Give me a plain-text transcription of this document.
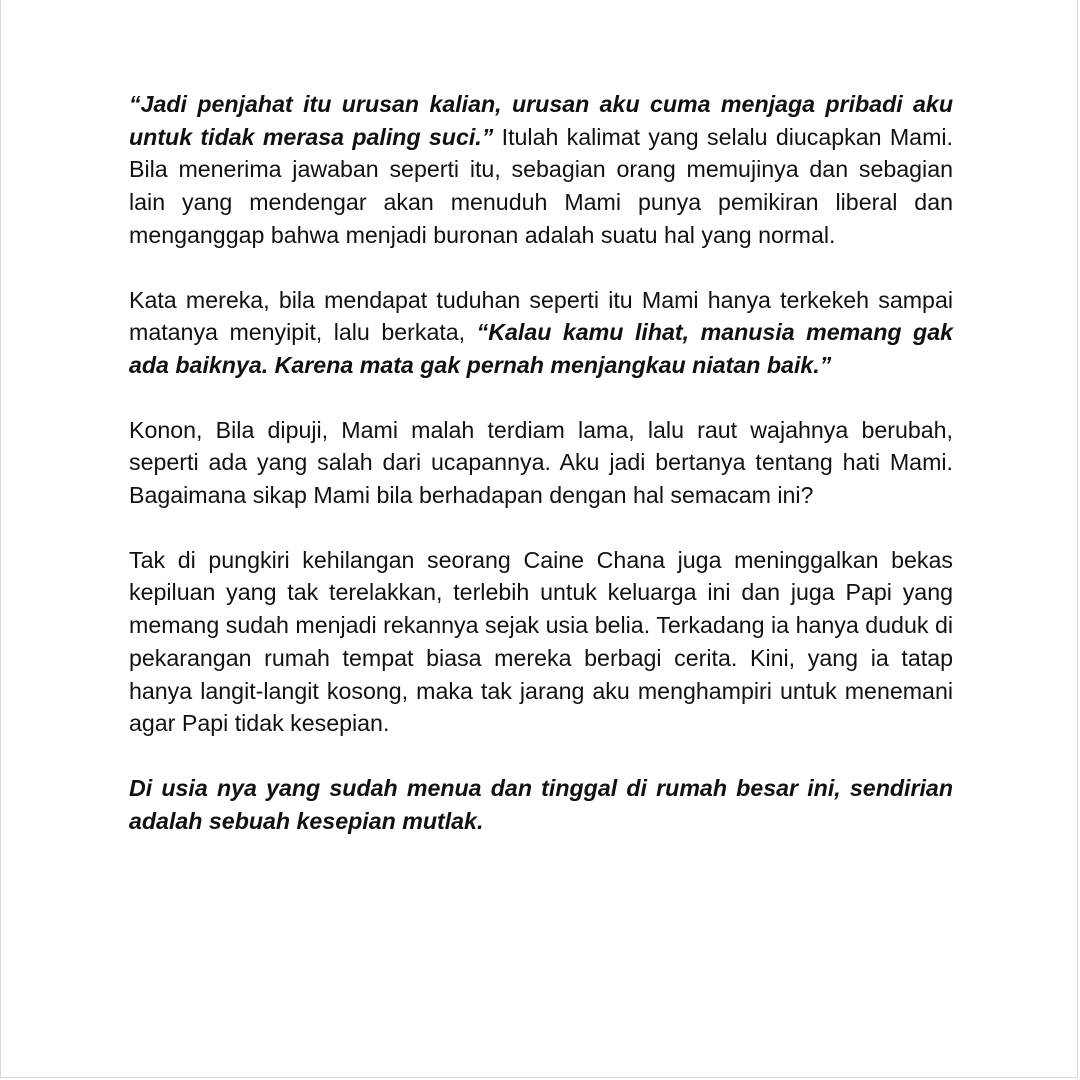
“Jadi penjahat itu urusan kalian, urusan aku cuma menjaga pribadi aku untuk tidak merasa paling suci.” Itulah kalimat yang selalu diucapkan Mami. Bila menerima jawaban seperti itu, sebagian orang memujinya dan sebagian lain yang mendengar akan menuduh Mami punya pemikiran liberal dan menganggap bahwa menjadi buronan adalah suatu hal yang normal.

Kata mereka, bila mendapat tuduhan seperti itu Mami hanya terkekeh sampai matanya menyipit, lalu berkata, “Kalau kamu lihat, manusia memang gak ada baiknya. Karena mata gak pernah menjangkau niatan baik.”

Konon, Bila dipuji, Mami malah terdiam lama, lalu raut wajahnya berubah, seperti ada yang salah dari ucapannya. Aku jadi bertanya tentang hati Mami. Bagaimana sikap Mami bila berhadapan dengan hal semacam ini?

Tak di pungkiri kehilangan seorang Caine Chana juga meninggalkan bekas kepiluan yang tak terelakkan, terlebih untuk keluarga ini dan juga Papi yang memang sudah menjadi rekannya sejak usia belia. Terkadang ia hanya duduk di pekarangan rumah tempat biasa mereka berbagi cerita. Kini, yang ia tatap hanya langit-langit kosong, maka tak jarang aku menghampiri untuk menemani agar Papi tidak kesepian.

Di usia nya yang sudah menua dan tinggal di rumah besar ini, sendirian adalah sebuah kesepian mutlak.
